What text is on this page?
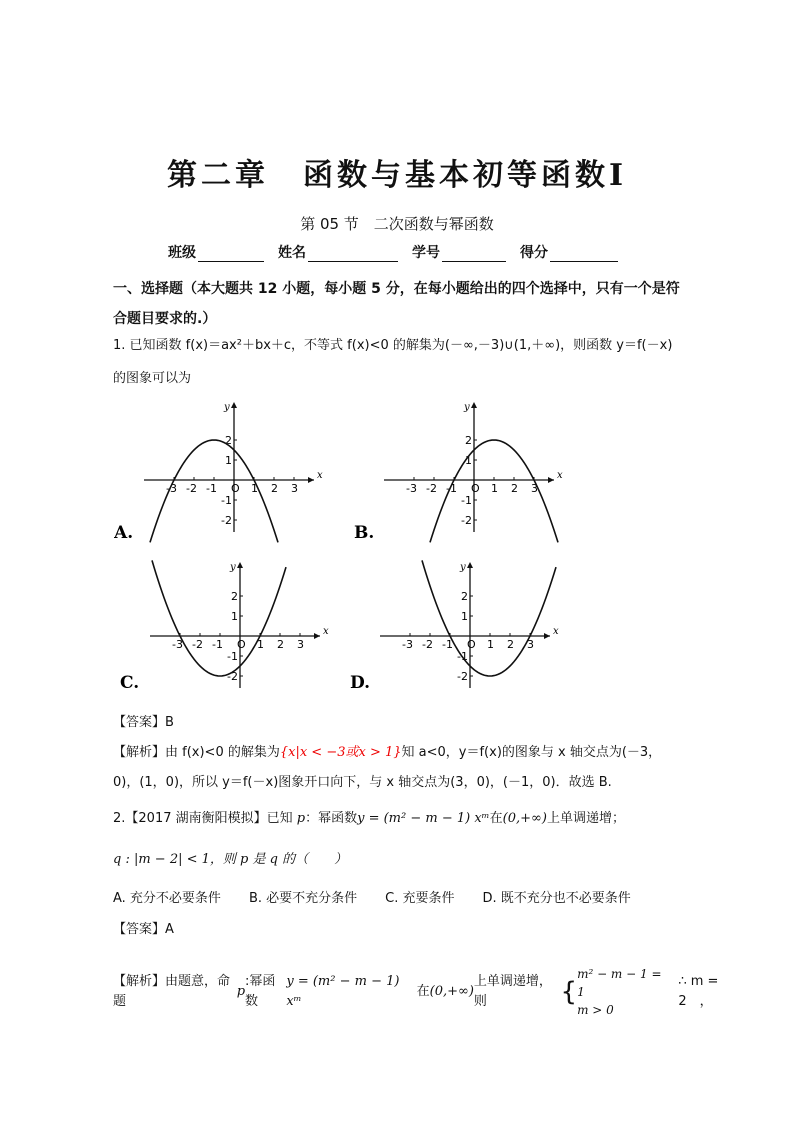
第二章　函数与基本初等函数Ⅰ
第 05 节　二次函数与幂函数
班级	姓名	学号	得分
一、选择题（本大题共 12 小题，每小题 5 分，在每小题给出的四个选择中，只有一个是符合题目要求的.）
1. 已知函数 f(x)＝ax²＋bx＋c，不等式 f(x)<0 的解集为(－∞,－3)∪(1,＋∞)，则函数 y＝f(－x)
的图象可以为
x
y
-3 -2 -1 O 1 2 3
2
1
-1
-2
A.
x
y
-3 -2 -1 O 1 2 3
2
1
-1
-2
B.
x
y
-3 -2 -1 O 1 2 3
2
1
-1
-2
C.
x
y
-3 -2 -1 O 1 2 3
2
1
-1
-2
D.
【答案】B
【解析】由 f(x)<0 的解集为{x|x < −3或x > 1}知 a<0，y＝f(x)的图象与 x 轴交点为(－3，
0)，(1，0)，所以 y＝f(－x)图象开口向下，与 x 轴交点为(3，0)，(－1，0)．故选 B.
2.【2017 湖南衡阳模拟】已知 p：幂函数y = (m² − m − 1) xᵐ在(0,+∞)上单调递增；
q : |m − 2| < 1，则 p 是 q 的（　　）
A. 充分不必要条件 B. 必要不充分条件 C. 充要条件 D. 既不充分也不必要条件
【答案】A
【解析】由题意，命题
p
:幂函数
y = (m² − m − 1) xᵐ

在 (0,+∞)
上单调递增，则	{
m² − m − 1 = 1
m > 0
∴ m = 2　，
